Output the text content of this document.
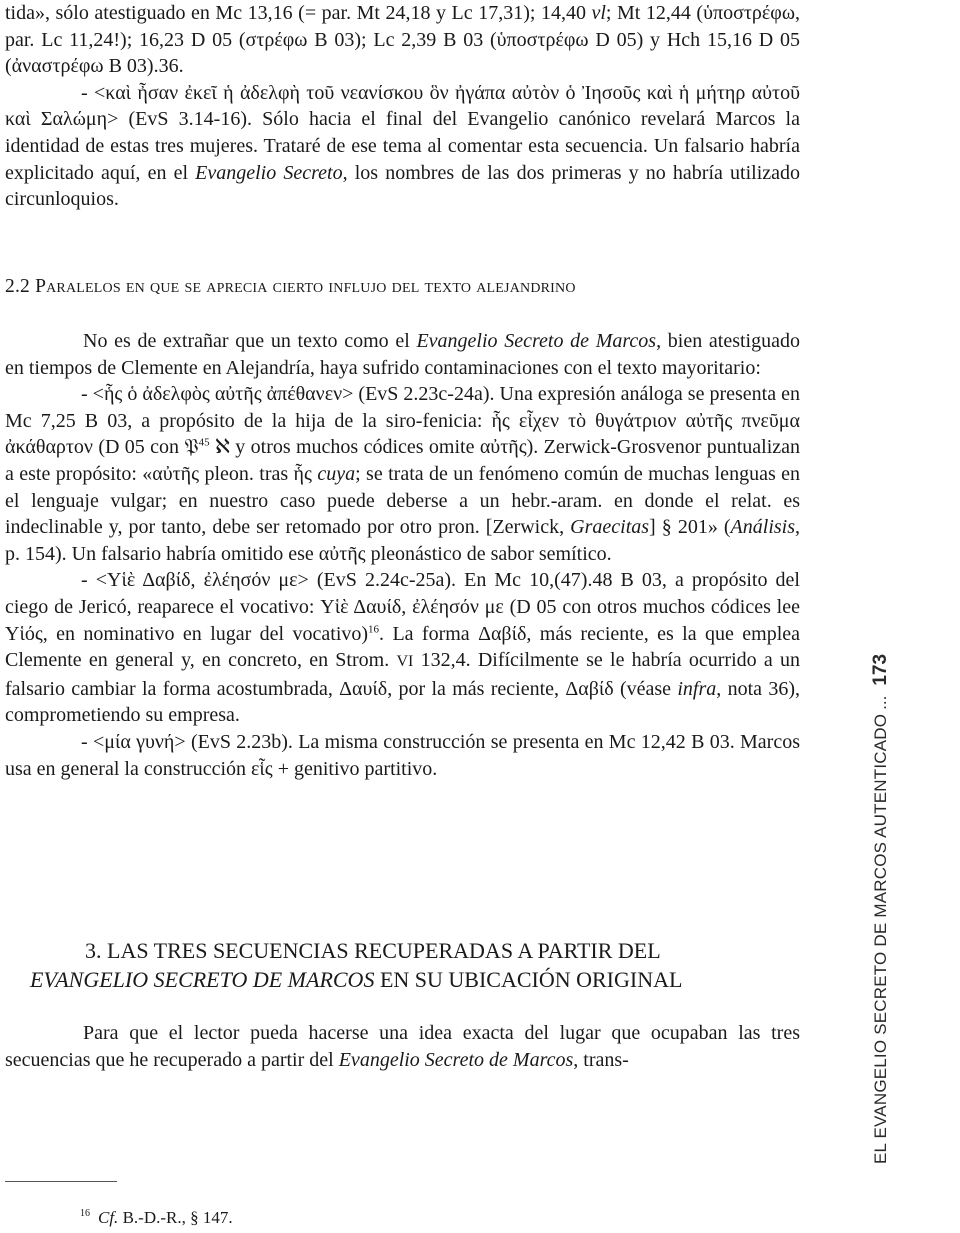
tida», sólo atestiguado en Mc 13,16 (= par. Mt 24,18 y Lc 17,31); 14,40 vl; Mt 12,44 (ὑποστρέφω, par. Lc 11,24!); 16,23 D 05 (στρέφω B 03); Lc 2,39 B 03 (ὑποστρέφω D 05) y Hch 15,16 D 05 (ἀναστρέφω B 03).36.

- <καὶ ἦσαν ἐκεῖ ἡ ἀδελφὴ τοῦ νεανίσκου ὃν ἠγάπα αὐτὸν ὁ Ἰησοῦς καὶ ἡ μήτηρ αὐτοῦ καὶ Σαλώμη> (EvS 3.14-16). Sólo hacia el final del Evangelio canónico revelará Marcos la identidad de estas tres mujeres. Trataré de ese tema al comentar esta secuencia. Un falsario habría explicitado aquí, en el Evangelio Secreto, los nombres de las dos primeras y no habría utilizado circunloquios.

2.2 Paralelos en que se aprecia cierto influjo del texto alejandrino

No es de extrañar que un texto como el Evangelio Secreto de Marcos, bien atestiguado en tiempos de Clemente en Alejandría, haya sufrido contaminaciones con el texto mayoritario:

- <ἧς ὁ ἀδελφὸς αὐτῆς ἀπέθανεν> (EvS 2.23c-24a). Una expresión análoga se presenta en Mc 7,25 B 03, a propósito de la hija de la siro-fenicia: ἧς εἶχεν τὸ θυγάτριον αὐτῆς πνεῦμα ἀκάθαρτον (D 05 con 𝔓$^{45}$ ℵ y otros muchos códices omite αὐτῆς). Zerwick-Grosvenor puntualizan a este propósito: «αὐτῆς pleon. tras ἧς cuya; se trata de un fenómeno común de muchas lenguas en el lenguaje vulgar; en nuestro caso puede deberse a un hebr.-aram. en donde el relat. es indeclinable y, por tanto, debe ser retomado por otro pron. [Zerwick, Graecitas] § 201» (Análisis, p. 154). Un falsario habría omitido ese αὐτῆς pleonástico de sabor semítico.

- <Υἱὲ Δαβίδ, ἐλέησόν με> (EvS 2.24c-25a). En Mc 10,(47).48 B 03, a propósito del ciego de Jericó, reaparece el vocativo: Υἱὲ Δαυίδ, ἐλέησόν με (D 05 con otros muchos códices lee Υἱός, en nominativo en lugar del vocativo)$^{16}$. La forma Δαβίδ, más reciente, es la que emplea Clemente en general y, en concreto, en Strom. VI 132,4. Difícilmente se le habría ocurrido a un falsario cambiar la forma acostumbrada, Δαυίδ, por la más reciente, Δαβίδ (véase infra, nota 36), comprometiendo su empresa.

- <μία γυνή> (EvS 2.23b). La misma construcción se presenta en Mc 12,42 B 03. Marcos usa en general la construcción εἷς + genitivo partitivo.

3. LAS TRES SECUENCIAS RECUPERADAS A PARTIR DEL
EVANGELIO SECRETO DE MARCOS EN SU UBICACIÓN ORIGINAL

Para que el lector pueda hacerse una idea exacta del lugar que ocupaban las tres secuencias que he recuperado a partir del Evangelio Secreto de Marcos, trans-

$^{16}$ Cf. B.-D.-R., § 147.
EL EVANGELIO SECRETO DE MARCOS AUTENTICADO...173
